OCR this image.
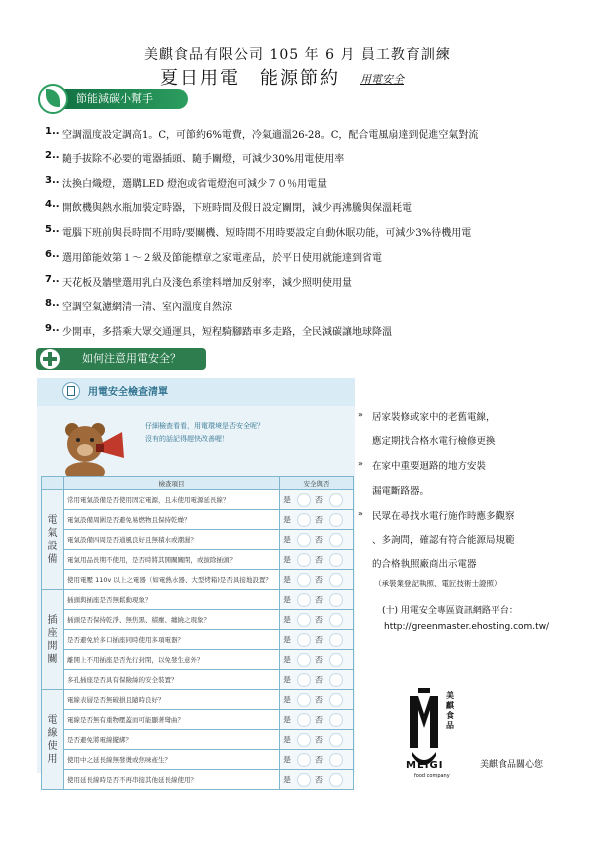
美麒食品有限公司 105 年 6 月 員工教育訓練
夏日用電　能源節約 用電安全
節能減碳小幫手
1.. 空調溫度設定調高1。C，可節約6%電費，冷氣適溫26-28。C，配合電風扇達到促進空氣對流
2.. 隨手拔除不必要的電器插頭、隨手關燈，可減少30%用電使用率
3.. 汰換白熾燈，選購LED 燈泡或省電燈泡可減少７０％用電量
4.. 開飲機與熱水瓶加裝定時器，下班時間及假日設定關閉，減少再沸騰與保溫耗電
5.. 電腦下班前與長時間不用時/要關機、短時間不用時要設定自動休眠功能，可減少3%待機用電
6.. 選用節能效第１～２級及節能標章之家電產品，於平日使用就能達到省電
7.. 天花板及牆壁選用乳白及淺色系塗料增加反射率，減少照明使用量
8.. 空調空氣濾網清一清、室內溫度自然涼
9.. 少開車，多搭乘大眾交通運具，短程騎腳踏車多走路，全民減碳讓地球降溫
如何注意用電安全？
用電安全檢查清單
仔細檢查看看，用電環境是否安全呢？
沒有的話記得趕快改善喔！
	檢查項目	安全與否
電氣設備	常用電氣設備是否使用固定電源，且未使用電源延長線？	是 否
	電氣設備周圍是否避免易燃物且保持乾燥？	是 否
	電氣設備四周是否通風良好且無積水或潮濕？	是 否
	電氣用品長期不使用，是否時將其開關關閉，或拔除插頭？	是 否
	使用電壓 110v 以上之電器（如電熱水器、大型烤箱)是否具接地設置？	是 否
插座開關	插頭與插座是否無鬆動現象？	是 否
	插頭是否保持乾淨、無焦黑、積塵、纏繞之現象？	是 否
	是否避免於多口插座同時使用多項電器？	是 否
	離開上不用插座是否先行封閉，以免發生意外？	是 否
	多孔插座是否具有保險絲的安全裝置？	是 否
電線使用	電線表層是否無破損且隨時良好？	是 否
	電線是否無有重物壓蓋而可能顯著彎曲？	是 否
	是否避免將電線擺綁？	是 否
	使用中之延長線無發燙或焦味產生？	是 否
	使用延長線時是否不再串接其他延長線使用？	是 否
居家裝修或家中的老舊電線，
應定期找合格水電行檢修更換
在家中重要迴路的地方安裝
漏電斷路器。
民眾在尋找水電行施作時應多觀察
、多詢問，確認有符合能源局規範
的合格執照廠商出示電器
（承裝業登記執照、電匠技術士證照）
»
»
»
(十) 用電安全專區資訊網路平台：
http://greenmaster.ehosting.com.tw/
美麒食品
MEIGI
food company
美麒食品關心您
